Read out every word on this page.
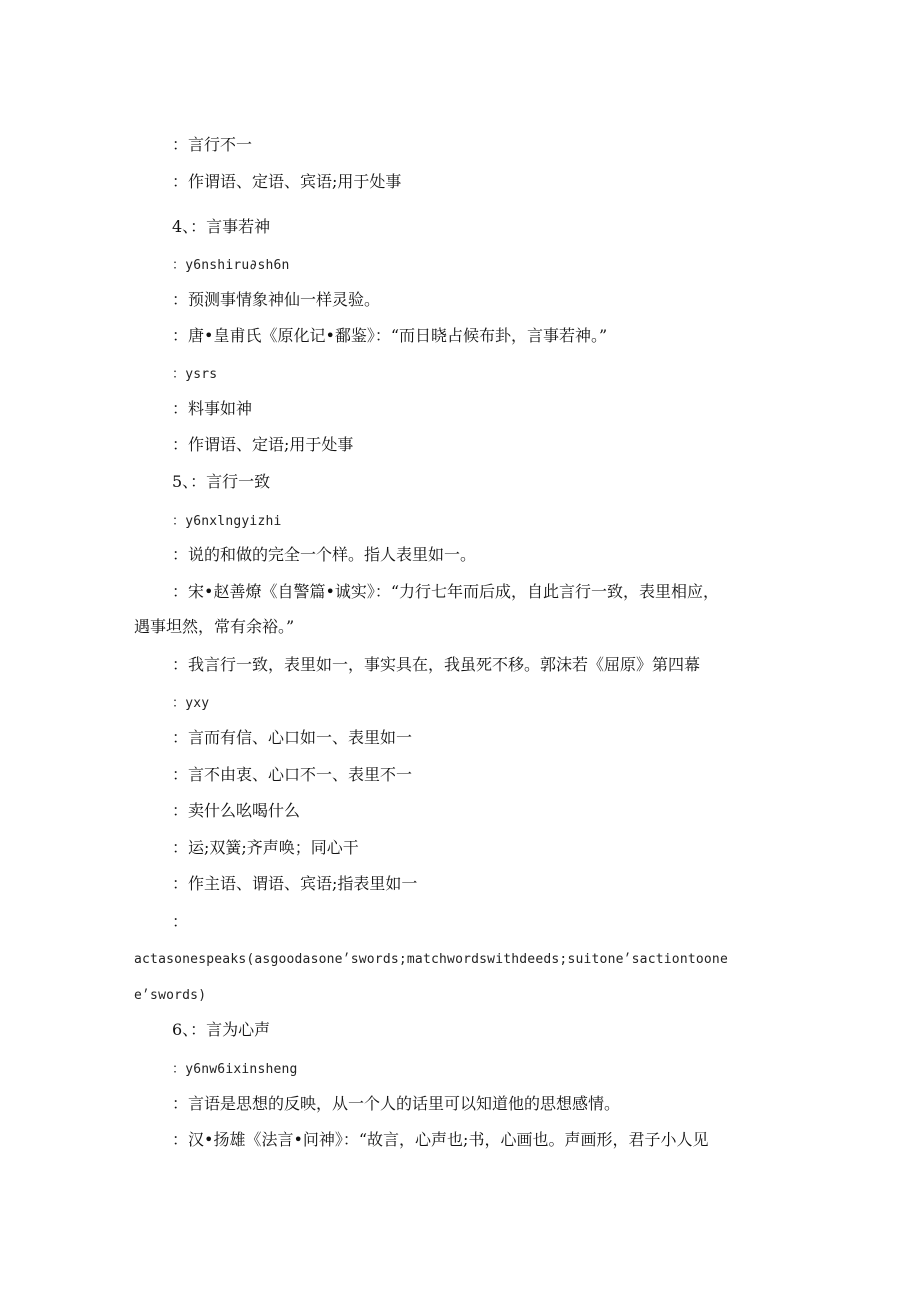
：言行不一
：作谓语、定语、宾语;用于处事
4、：言事若神
：y6nshiru∂sh6n
：预测事情象神仙一样灵验。
：唐•皇甫氏《原化记•鄱鉴》：“而日晓占候布卦，言事若神。”
：ysrs
：料事如神
：作谓语、定语;用于处事
5、：言行一致
：y6nxlngyizhi
：说的和做的完全一个样。指人表里如一。
：宋•赵善燎《自警篇•诚实》：“力行七年而后成，自此言行一致，表里相应，
遇事坦然，常有余裕。”
：我言行一致，表里如一，事实具在，我虽死不移。郭沫若《屈原》第四幕
：yxy
：言而有信、心口如一、表里如一
：言不由衷、心口不一、表里不一
：卖什么吆喝什么
：运;双簧;齐声唤；同心干
：作主语、谓语、宾语;指表里如一
：
actasonespeaks(asgoodasone׳swords;matchwordswithdeeds;suitone׳sactiontoone
e׳swords)
6、：言为心声
：y6nw6ixinsheng
：言语是思想的反映，从一个人的话里可以知道他的思想感情。
：汉•扬雄《法言•问神》：“故言，心声也;书，心画也。声画形，君子小人见
